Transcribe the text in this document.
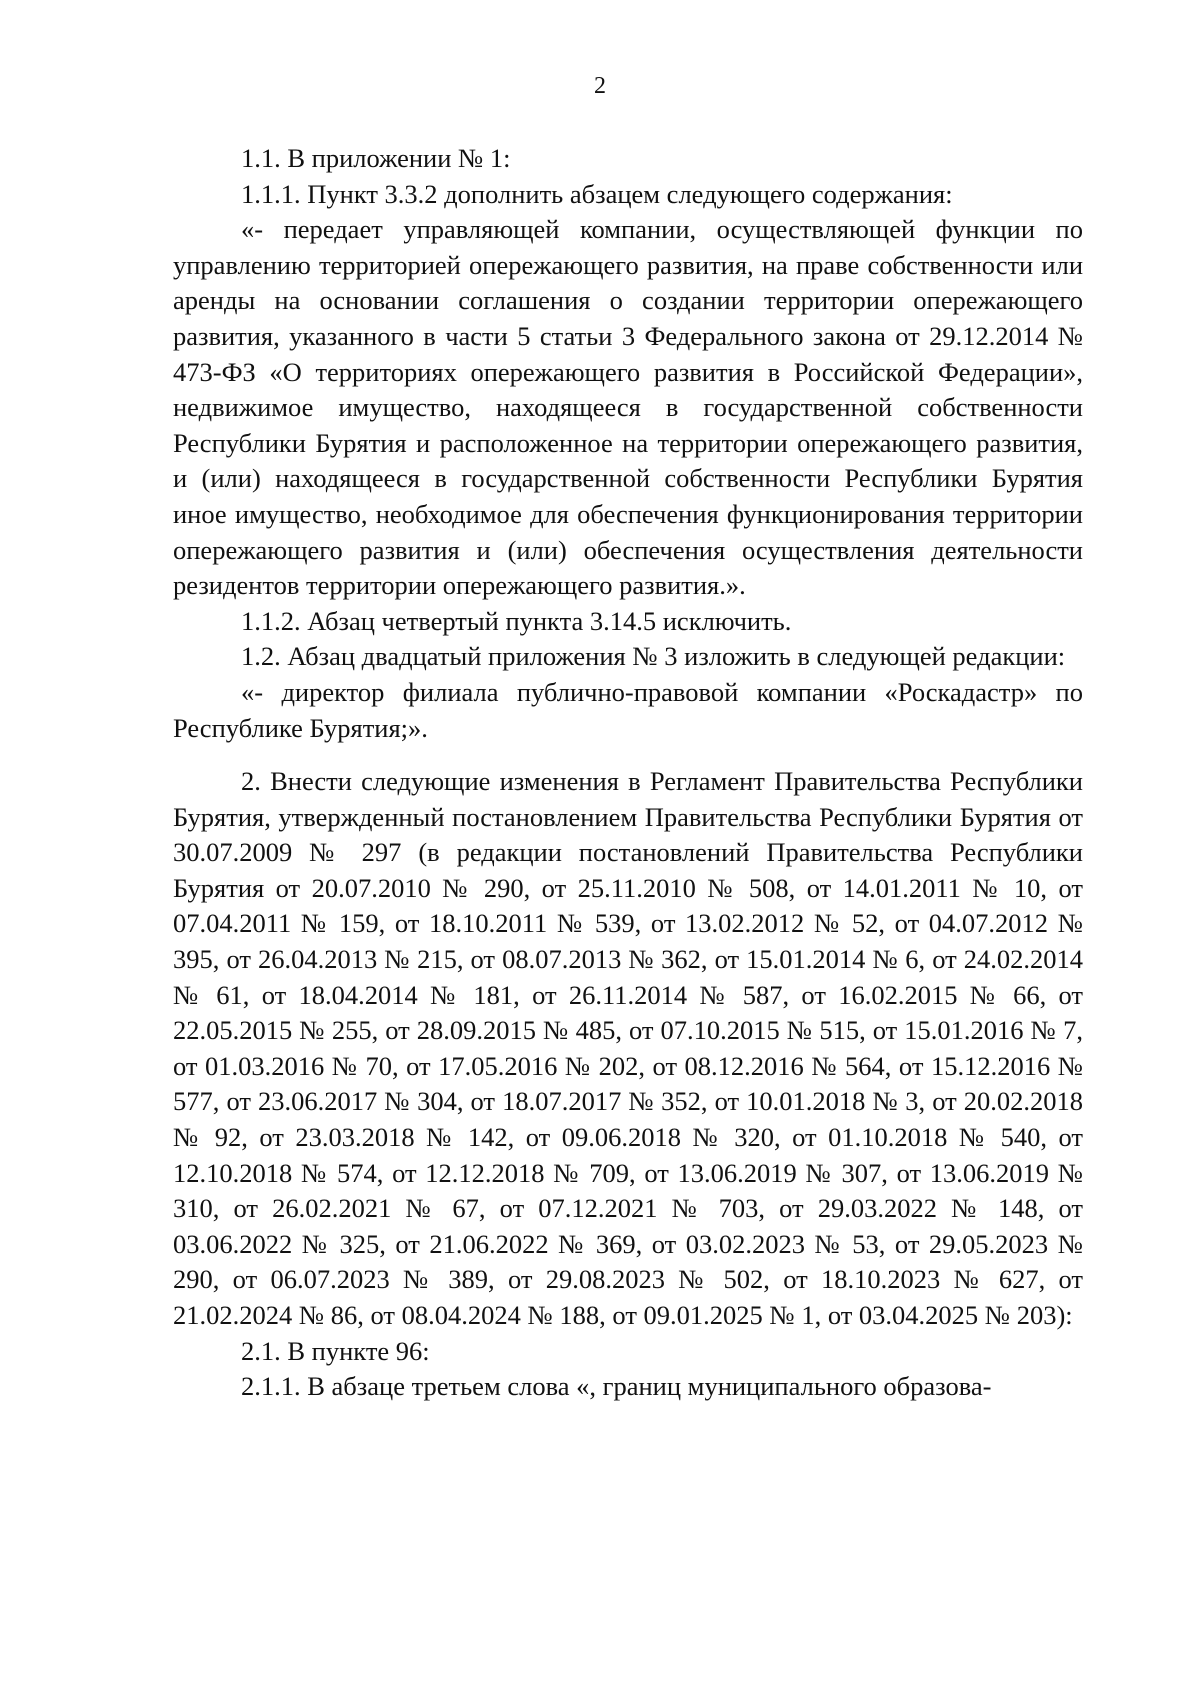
2

1.1. В приложении № 1:

1.1.1. Пункт 3.3.2 дополнить абзацем следующего содержания:

«- передает управляющей компании, осуществляющей функции по управлению территорией опережающего развития, на праве собственности или аренды на основании соглашения о создании территории опережающего развития, указанного в части 5 статьи 3 Федерального закона от 29.12.2014 № 473-ФЗ «О территориях опережающего развития в Российской Федерации», недвижимое имущество, находящееся в государственной собственности Республики Бурятия и расположенное на территории опережающего развития, и (или) находящееся в государственной собственности Республики Бурятия иное имущество, необходимое для обеспечения функционирования территории опережающего развития и (или) обеспечения осуществления деятельности резидентов территории опережающего развития.».

1.1.2. Абзац четвертый пункта 3.14.5 исключить.

1.2. Абзац двадцатый приложения № 3 изложить в следующей редакции:

«- директор филиала публично-правовой компании «Роскадастр» по Республике Бурятия;».

2. Внести следующие изменения в Регламент Правительства Республики Бурятия, утвержденный постановлением Правительства Республики Бурятия от 30.07.2009 № 297 (в редакции постановлений Правительства Республики Бурятия от 20.07.2010 № 290, от 25.11.2010 № 508, от 14.01.2011 № 10, от 07.04.2011 № 159, от 18.10.2011 № 539, от 13.02.2012 № 52, от 04.07.2012 № 395, от 26.04.2013 № 215, от 08.07.2013 № 362, от 15.01.2014 № 6, от 24.02.2014 № 61, от 18.04.2014 № 181, от 26.11.2014 № 587, от 16.02.2015 № 66, от 22.05.2015 № 255, от 28.09.2015 № 485, от 07.10.2015 № 515, от 15.01.2016 № 7, от 01.03.2016 № 70, от 17.05.2016 № 202, от 08.12.2016 № 564, от 15.12.2016 № 577, от 23.06.2017 № 304, от 18.07.2017 № 352, от 10.01.2018 № 3, от 20.02.2018 № 92, от 23.03.2018 № 142, от 09.06.2018 № 320, от 01.10.2018 № 540, от 12.10.2018 № 574, от 12.12.2018 № 709, от 13.06.2019 № 307, от 13.06.2019 № 310, от 26.02.2021 № 67, от 07.12.2021 № 703, от 29.03.2022 № 148, от 03.06.2022 № 325, от 21.06.2022 № 369, от 03.02.2023 № 53, от 29.05.2023 № 290, от 06.07.2023 № 389, от 29.08.2023 № 502, от 18.10.2023 № 627, от 21.02.2024 № 86, от 08.04.2024 № 188, от 09.01.2025 № 1, от 03.04.2025 № 203):

2.1. В пункте 96:

2.1.1. В абзаце третьем слова «, границ муниципального образова-
